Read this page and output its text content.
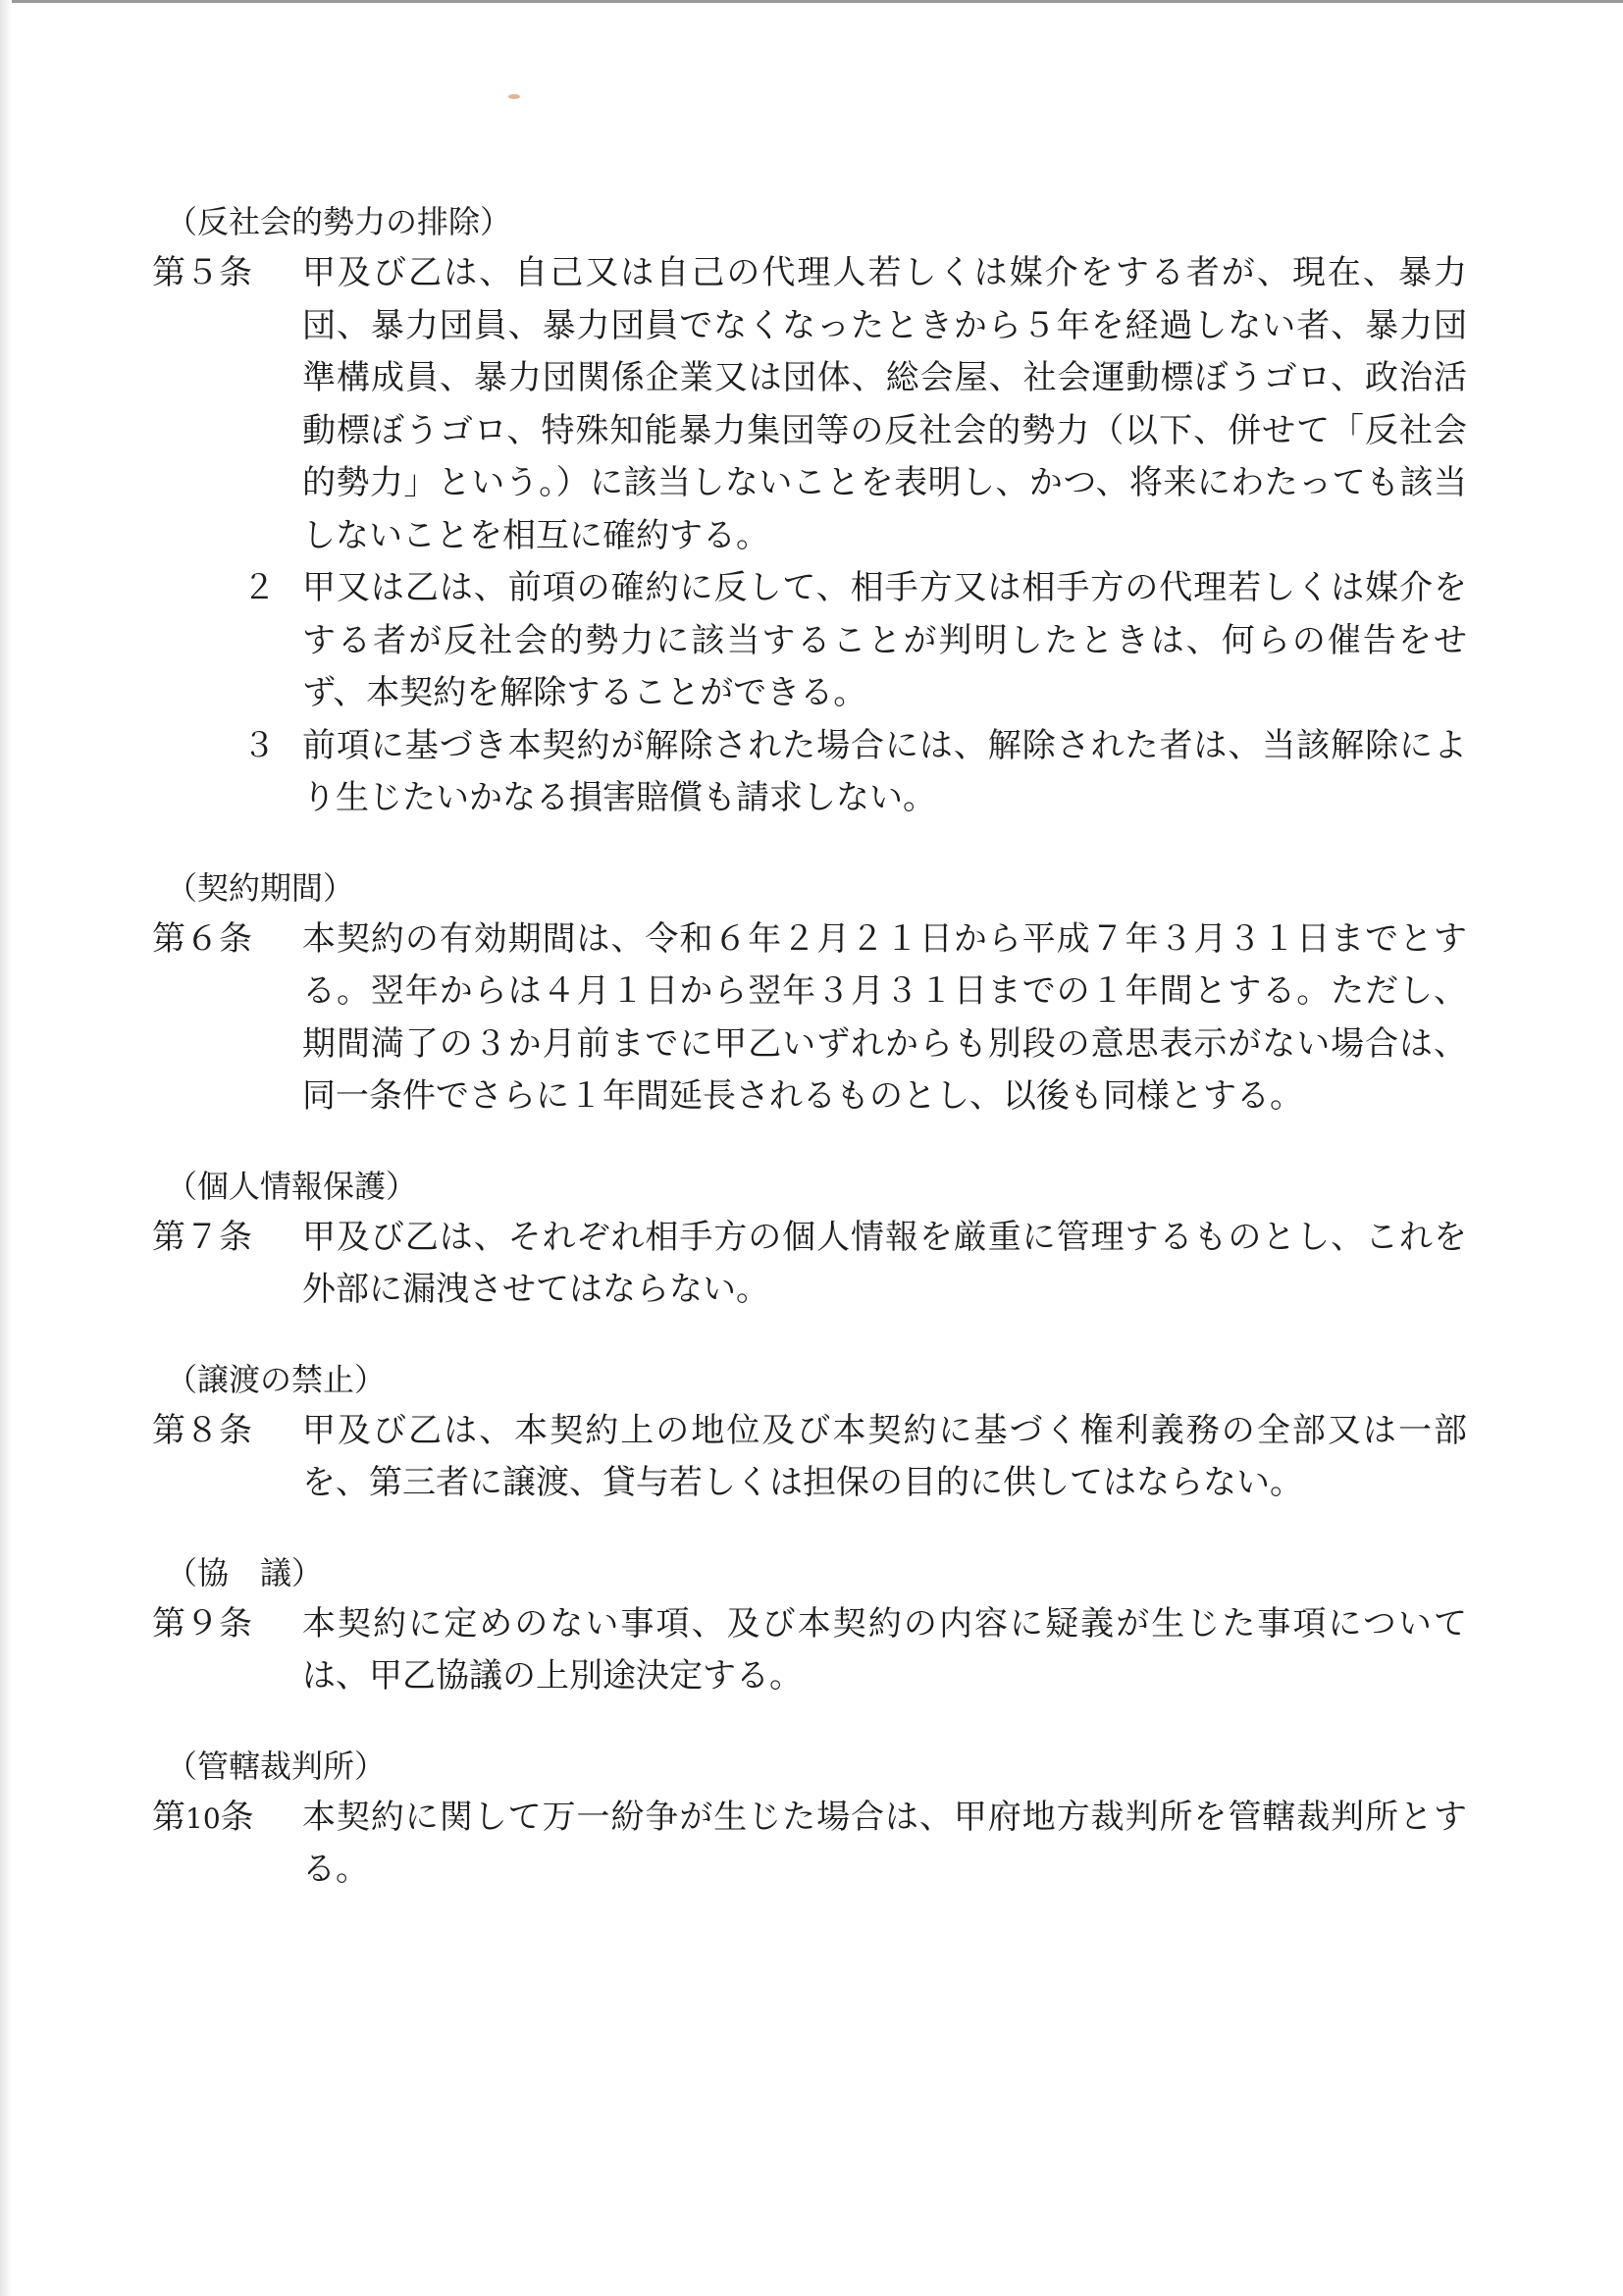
（反社会的勢力の排除）
第５条 甲及び乙は、自己又は自己の代理人若しくは媒介をする者が、現在、暴力団、暴力団員、暴力団員でなくなったときから５年を経過しない者、暴力団準構成員、暴力団関係企業又は団体、総会屋、社会運動標ぼうゴロ、政治活動標ぼうゴロ、特殊知能暴力集団等の反社会的勢力（以下、併せて「反社会的勢力」という。）に該当しないことを表明し、かつ、将来にわたっても該当しないことを相互に確約する。
２ 甲又は乙は、前項の確約に反して、相手方又は相手方の代理若しくは媒介をする者が反社会的勢力に該当することが判明したときは、何らの催告をせず、本契約を解除することができる。
３ 前項に基づき本契約が解除された場合には、解除された者は、当該解除により生じたいかなる損害賠償も請求しない。
（契約期間）
第６条 本契約の有効期間は、令和６年２月２１日から平成７年３月３１日までとする。翌年からは４月１日から翌年３月３１日までの１年間とする。ただし、期間満了の３か月前までに甲乙いずれからも別段の意思表示がない場合は、同一条件でさらに１年間延長されるものとし、以後も同様とする。
（個人情報保護）
第７条 甲及び乙は、それぞれ相手方の個人情報を厳重に管理するものとし、これを外部に漏洩させてはならない。
（譲渡の禁止）
第８条 甲及び乙は、本契約上の地位及び本契約に基づく権利義務の全部又は一部を、第三者に譲渡、貸与若しくは担保の目的に供してはならない。
（協　議）
第９条 本契約に定めのない事項、及び本契約の内容に疑義が生じた事項については、甲乙協議の上別途決定する。
（管轄裁判所）
第10条 本契約に関して万一紛争が生じた場合は、甲府地方裁判所を管轄裁判所とする。
